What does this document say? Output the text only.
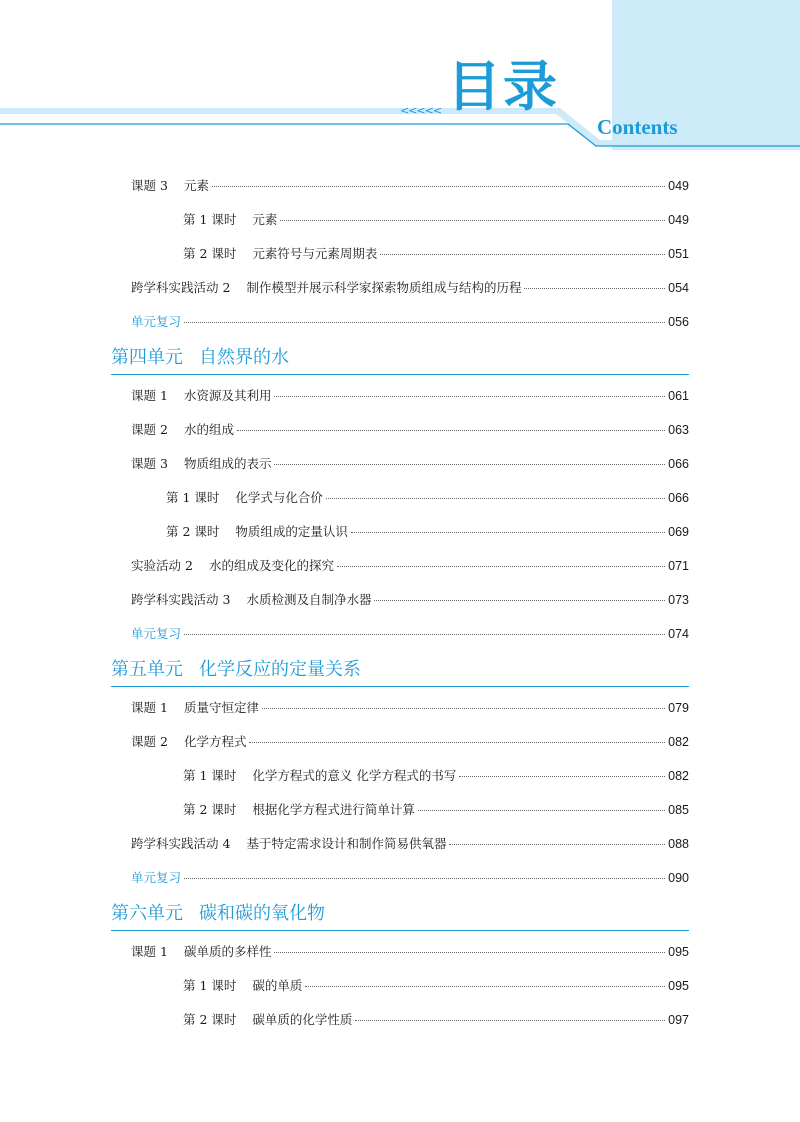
<<<<< 目录
Contents
课题 3 元素	049
第 1 课时 元素	049
第 2 课时 元素符号与元素周期表	051
跨学科实践活动 2 制作模型并展示科学家探索物质组成与结构的历程	054
单元复习	056
第四单元 自然界的水
课题 1 水资源及其利用	061
课题 2 水的组成	063
课题 3 物质组成的表示	066
第 1 课时 化学式与化合价	066
第 2 课时 物质组成的定量认识	069
实验活动 2 水的组成及变化的探究	071
跨学科实践活动 3 水质检测及自制净水器	073
单元复习	074
第五单元 化学反应的定量关系
课题 1 质量守恒定律	079
课题 2 化学方程式	082
第 1 课时 化学方程式的意义 化学方程式的书写	082
第 2 课时 根据化学方程式进行简单计算	085
跨学科实践活动 4 基于特定需求设计和制作简易供氧器	088
单元复习	090
第六单元 碳和碳的氧化物
课题 1 碳单质的多样性	095
第 1 课时 碳的单质	095
第 2 课时 碳单质的化学性质	097
